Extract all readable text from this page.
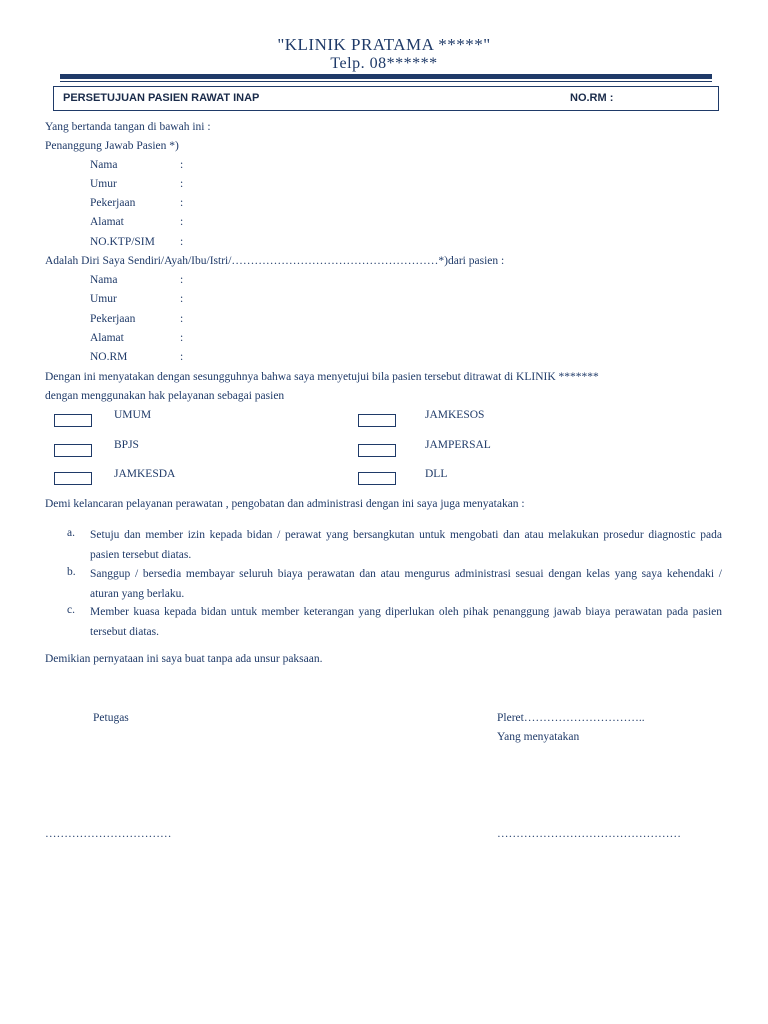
"KLINIK PRATAMA *****"
Telp. 08******
PERSETUJUAN PASIEN RAWAT INAP	NO.RM :
Yang bertanda tangan di bawah ini :
Penanggung Jawab Pasien *)
Nama	:
Umur	:
Pekerjaan	:
Alamat	:
NO.KTP/SIM :
Adalah Diri Saya Sendiri/Ayah/Ibu/Istri/………………………………………………*)dari pasien :
Nama	:
Umur	:
Pekerjaan	:
Alamat	:
NO.RM	:
Dengan ini menyatakan dengan sesungguhnya bahwa saya menyetujui bila pasien tersebut ditrawat di KLINIK *******
dengan menggunakan hak pelayanan sebagai pasien
UMUM	JAMKESOS
BPJS	JAMPERSAL
JAMKESDA	DLL
Demi kelancaran pelayanan perawatan , pengobatan dan administrasi dengan ini saya juga menyatakan :
a. Setuju dan member izin kepada bidan / perawat yang bersangkutan untuk mengobati dan atau melakukan prosedur diagnostic pada pasien tersebut diatas.
b. Sanggup / bersedia membayar seluruh biaya perawatan dan atau mengurus administrasi sesuai dengan kelas yang saya kehendaki / aturan yang berlaku.
c. Member kuasa kepada bidan untuk member keterangan yang diperlukan oleh pihak penanggung jawab biaya perawatan pada pasien tersebut diatas.
Demikian pernyataan ini saya buat tanpa ada unsur paksaan.
Petugas	Pleret…………………………..
Yang menyatakan
……………………………	…………………………………………
